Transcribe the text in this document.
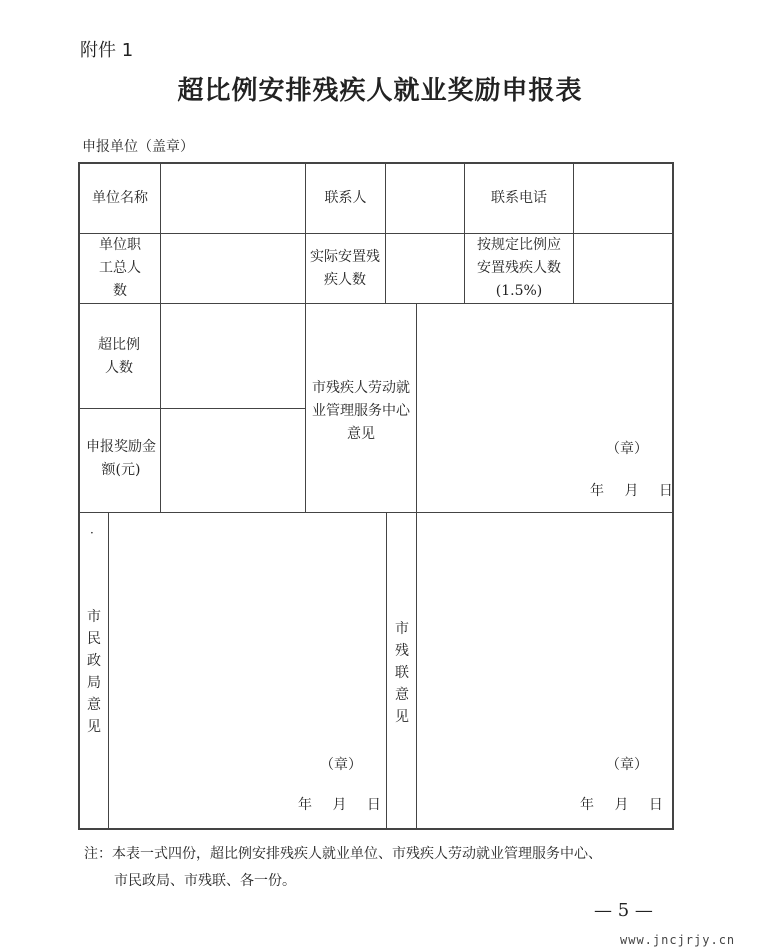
附件 1
超比例安排残疾人就业奖励申报表
申报单位（盖章）
单位名称	联系人	联系电话
单位职工总人数
实际安置残疾人数
按规定比例应安置残疾人数(1.5%)
超比例人数
申报奖励金额(元)
市残疾人劳动就业管理服务中心意见
（章）
年 月 日
·
市民政局意见
（章）
年 月 日
市残联意见
（章）
年 月 日
注：本表一式四份，超比例安排残疾人就业单位、市残疾人劳动就业管理服务中心、
市民政局、市残联、各一份。
— 5 —
www.jncjrjy.cn
